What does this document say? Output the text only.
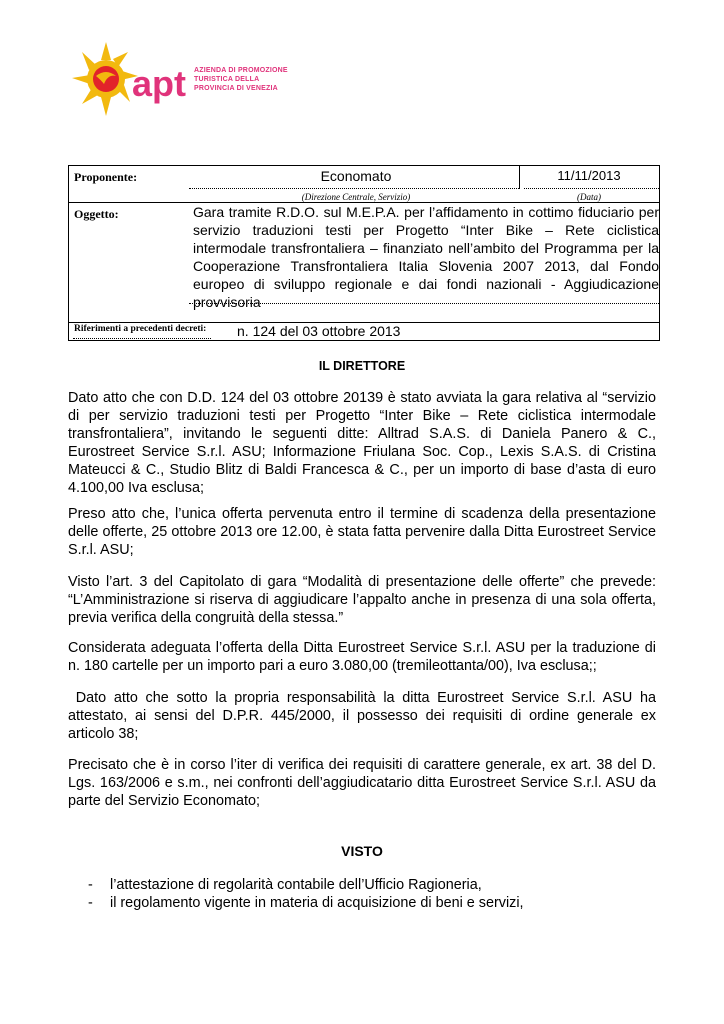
apt AZIENDA DI PROMOZIONE
TURISTICA DELLA
PROVINCIA DI VENEZIA
Proponente:	Economato	11/11/2013
(Direzione Centrale, Servizio)	(Data)
Oggetto:	Gara tramite R.D.O. sul M.E.P.A. per l’affidamento in cottimo fiduciario per servizio traduzioni testi per Progetto “Inter Bike – Rete ciclistica intermodale transfrontaliera – finanziato nell’ambito del Programma per la Cooperazione Transfrontaliera Italia Slovenia 2007 2013, dal Fondo europeo di sviluppo regionale e dai fondi nazionali - Aggiudicazione provvisoria
Riferimenti a precedenti decreti: n. 124 del 03 ottobre 2013
IL DIRETTORE
Dato atto che con D.D. 124 del 03 ottobre 20139 è stato avviata la gara relativa al “servizio di per servizio traduzioni testi per Progetto “Inter Bike – Rete ciclistica intermodale transfrontaliera”, invitando le seguenti ditte: Alltrad S.A.S. di Daniela Panero & C., Eurostreet Service S.r.l. ASU; Informazione Friulana Soc. Cop., Lexis S.A.S. di Cristina Mateucci & C., Studio Blitz di Baldi Francesca & C., per un importo di base d’asta di euro 4.100,00 Iva esclusa;
Preso atto che, l’unica offerta pervenuta entro il termine di scadenza della presentazione delle offerte, 25 ottobre 2013 ore 12.00, è stata fatta pervenire dalla Ditta Eurostreet Service S.r.l. ASU;
Visto l’art. 3 del Capitolato di gara “Modalità di presentazione delle offerte” che prevede: “L’Amministrazione si riserva di aggiudicare l’appalto anche in presenza di una sola offerta, previa verifica della congruità della stessa.”
Considerata adeguata l’offerta della Ditta Eurostreet Service S.r.l. ASU per la traduzione di n. 180 cartelle per un importo pari a euro 3.080,00 (tremileottanta/00), Iva esclusa;;
Dato atto che sotto la propria responsabilità la ditta Eurostreet Service S.r.l. ASU ha attestato, ai sensi del D.P.R. 445/2000, il possesso dei requisiti di ordine generale ex articolo 38;
Precisato che è in corso l’iter di verifica dei requisiti di carattere generale, ex art. 38 del D. Lgs. 163/2006 e s.m., nei confronti dell’aggiudicatario ditta Eurostreet Service S.r.l. ASU da parte del Servizio Economato;
VISTO
- l’attestazione di regolarità contabile dell’Ufficio Ragioneria,
- il regolamento vigente in materia di acquisizione di beni e servizi,
